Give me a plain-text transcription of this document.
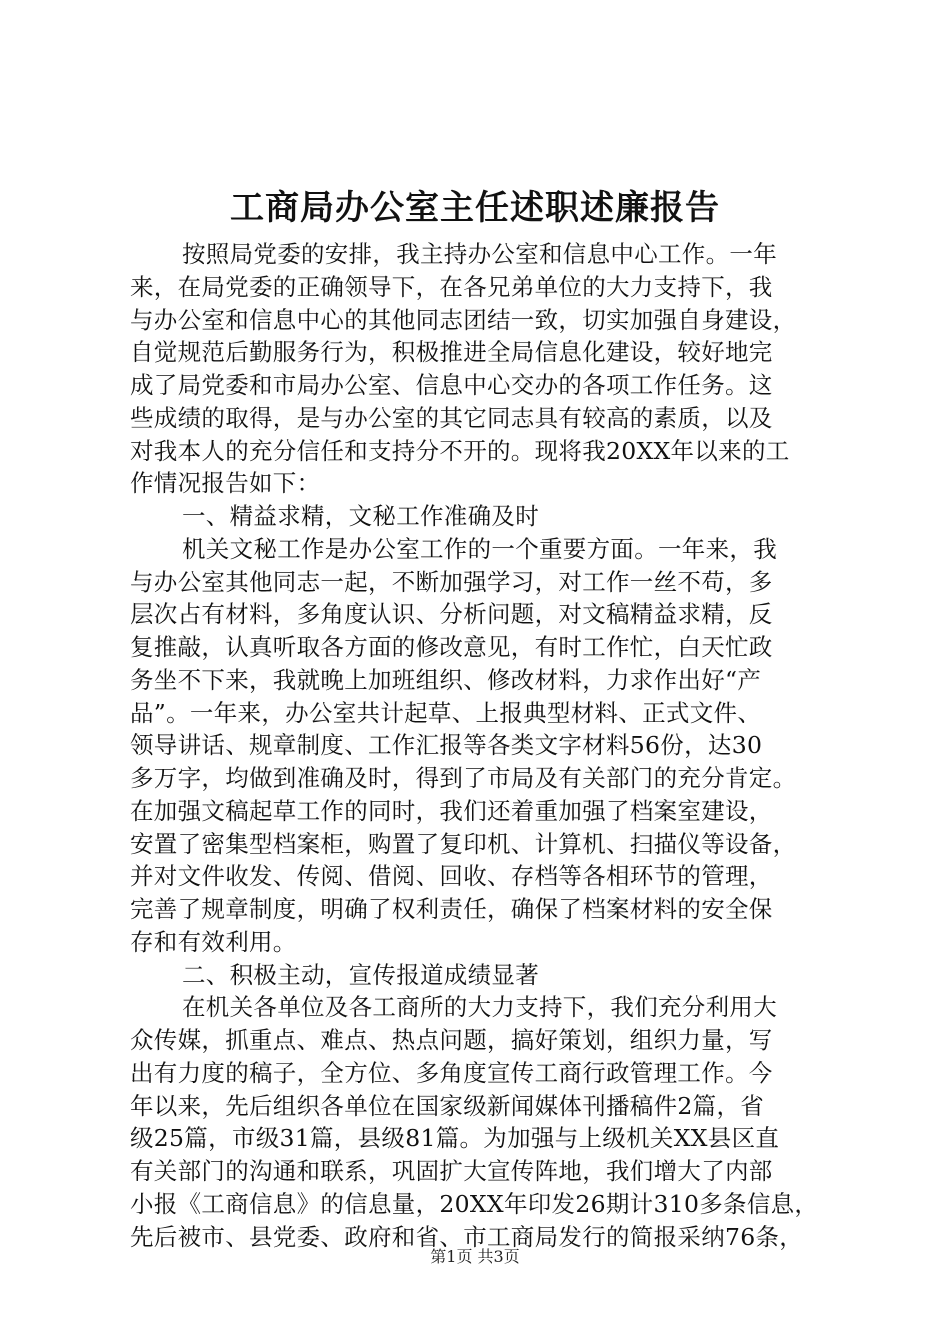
工商局办公室主任述职述廉报告
按照局党委的安排，我主持办公室和信息中心工作。一年
来，在局党委的正确领导下，在各兄弟单位的大力支持下，我
与办公室和信息中心的其他同志团结一致，切实加强自身建设，
自觉规范后勤服务行为，积极推进全局信息化建设，较好地完
成了局党委和市局办公室、信息中心交办的各项工作任务。这
些成绩的取得，是与办公室的其它同志具有较高的素质，以及
对我本人的充分信任和支持分不开的。现将我20XX年以来的工
作情况报告如下：
一、精益求精，文秘工作准确及时
机关文秘工作是办公室工作的一个重要方面。一年来，我
与办公室其他同志一起，不断加强学习，对工作一丝不苟，多
层次占有材料，多角度认识、分析问题，对文稿精益求精，反
复推敲，认真听取各方面的修改意见，有时工作忙，白天忙政
务坐不下来，我就晚上加班组织、修改材料，力求作出好“产
品”。一年来，办公室共计起草、上报典型材料、正式文件、
领导讲话、规章制度、工作汇报等各类文字材料56份，达30
多万字，均做到准确及时，得到了市局及有关部门的充分肯定。
在加强文稿起草工作的同时，我们还着重加强了档案室建设，
安置了密集型档案柜，购置了复印机、计算机、扫描仪等设备，
并对文件收发、传阅、借阅、回收、存档等各相环节的管理，
完善了规章制度，明确了权利责任，确保了档案材料的安全保
存和有效利用。
二、积极主动，宣传报道成绩显著
在机关各单位及各工商所的大力支持下，我们充分利用大
众传媒，抓重点、难点、热点问题，搞好策划，组织力量，写
出有力度的稿子，全方位、多角度宣传工商行政管理工作。今
年以来，先后组织各单位在国家级新闻媒体刊播稿件2篇，省
级25篇，市级31篇，县级81篇。为加强与上级机关XX县区直
有关部门的沟通和联系，巩固扩大宣传阵地，我们增大了内部
小报《工商信息》的信息量，20XX年印发26期计310多条信息，
先后被市、县党委、政府和省、市工商局发行的简报采纳76条，
第1页 共3页
